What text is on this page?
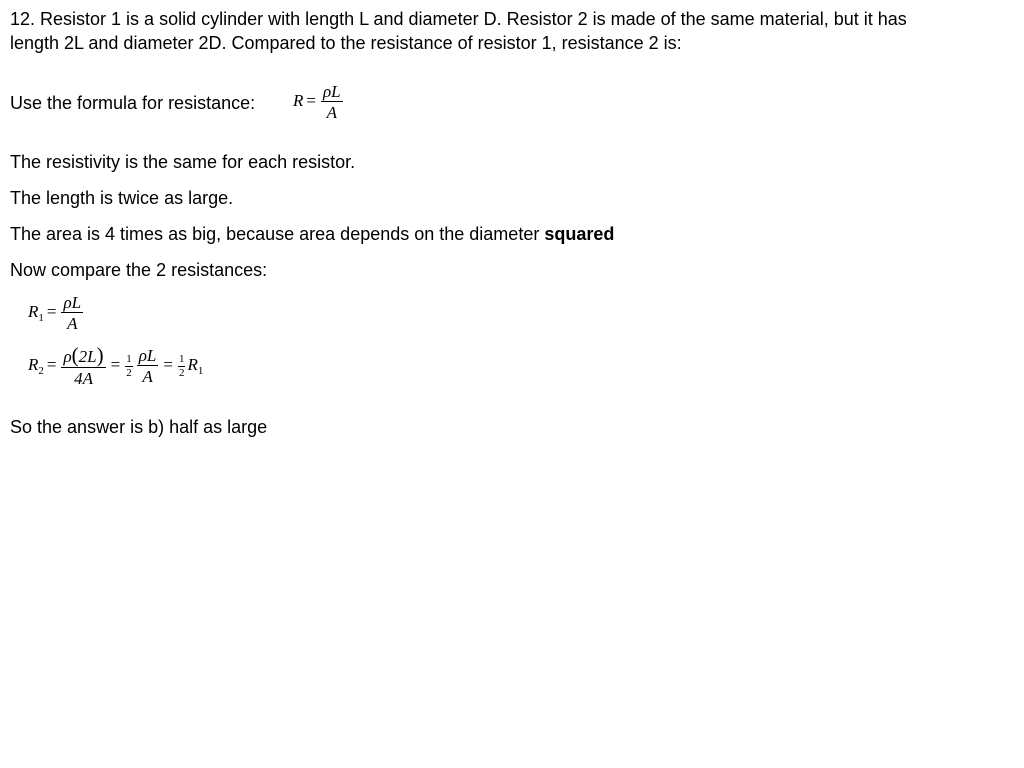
12. Resistor 1 is a solid cylinder with length L and diameter D. Resistor 2 is made of the same material, but it has
length 2L and diameter 2D. Compared to the resistance of resistor 1, resistance 2 is:
Use the formula for resistance: $R = \frac{\rho L}{A}$
The resistivity is the same for each resistor.
The length is twice as large.
The area is 4 times as big, because area depends on the diameter squared
Now compare the 2 resistances:
$R_1 = \frac{\rho L}{A}$
$R_2 = \frac{\rho(2L)}{4A} = \frac{1}{2} \frac{\rho L}{A} = \frac{1}{2} R_1$
So the answer is b) half as large
